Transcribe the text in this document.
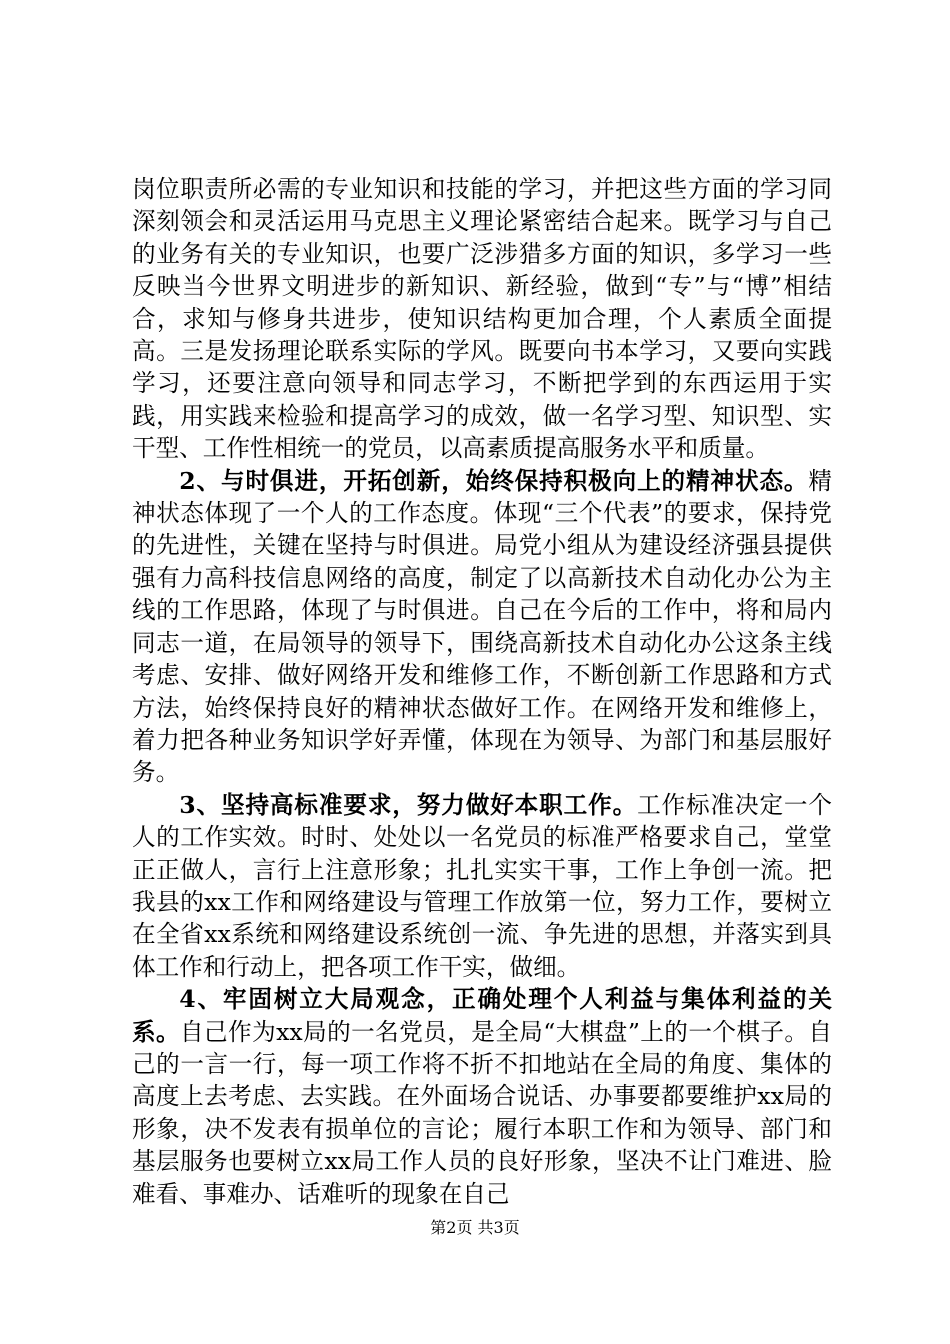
岗位职责所必需的专业知识和技能的学习，并把这些方面的学习同深刻领会和灵活运用马克思主义理论紧密结合起来。既学习与自己的业务有关的专业知识，也要广泛涉猎多方面的知识，多学习一些反映当今世界文明进步的新知识、新经验，做到“专”与“博”相结合，求知与修身共进步，使知识结构更加合理，个人素质全面提高。三是发扬理论联系实际的学风。既要向书本学习，又要向实践学习，还要注意向领导和同志学习，不断把学到的东西运用于实践，用实践来检验和提高学习的成效，做一名学习型、知识型、实干型、工作性相统一的党员，以高素质提高服务水平和质量。

2、与时俱进，开拓创新，始终保持积极向上的精神状态。精神状态体现了一个人的工作态度。体现“三个代表”的要求，保持党的先进性，关键在坚持与时俱进。局党小组从为建设经济强县提供强有力高科技信息网络的高度，制定了以高新技术自动化办公为主线的工作思路，体现了与时俱进。自己在今后的工作中，将和局内同志一道，在局领导的领导下，围绕高新技术自动化办公这条主线考虑、安排、做好网络开发和维修工作，不断创新工作思路和方式方法，始终保持良好的精神状态做好工作。在网络开发和维修上，着力把各种业务知识学好弄懂，体现在为领导、为部门和基层服好务。

3、坚持高标准要求，努力做好本职工作。工作标准决定一个人的工作实效。时时、处处以一名党员的标准严格要求自己，堂堂正正做人，言行上注意形象；扎扎实实干事，工作上争创一流。把我县的xx工作和网络建设与管理工作放第一位，努力工作，要树立在全省xx系统和网络建设系统创一流、争先进的思想，并落实到具体工作和行动上，把各项工作干实，做细。

4、牢固树立大局观念，正确处理个人利益与集体利益的关系。自己作为xx局的一名党员，是全局“大棋盘”上的一个棋子。自己的一言一行，每一项工作将不折不扣地站在全局的角度、集体的高度上去考虑、去实践。在外面场合说话、办事要都要维护xx局的形象，决不发表有损单位的言论；履行本职工作和为领导、部门和基层服务也要树立xx局工作人员的良好形象，坚决不让门难进、脸难看、事难办、话难听的现象在自己

第2页 共3页
